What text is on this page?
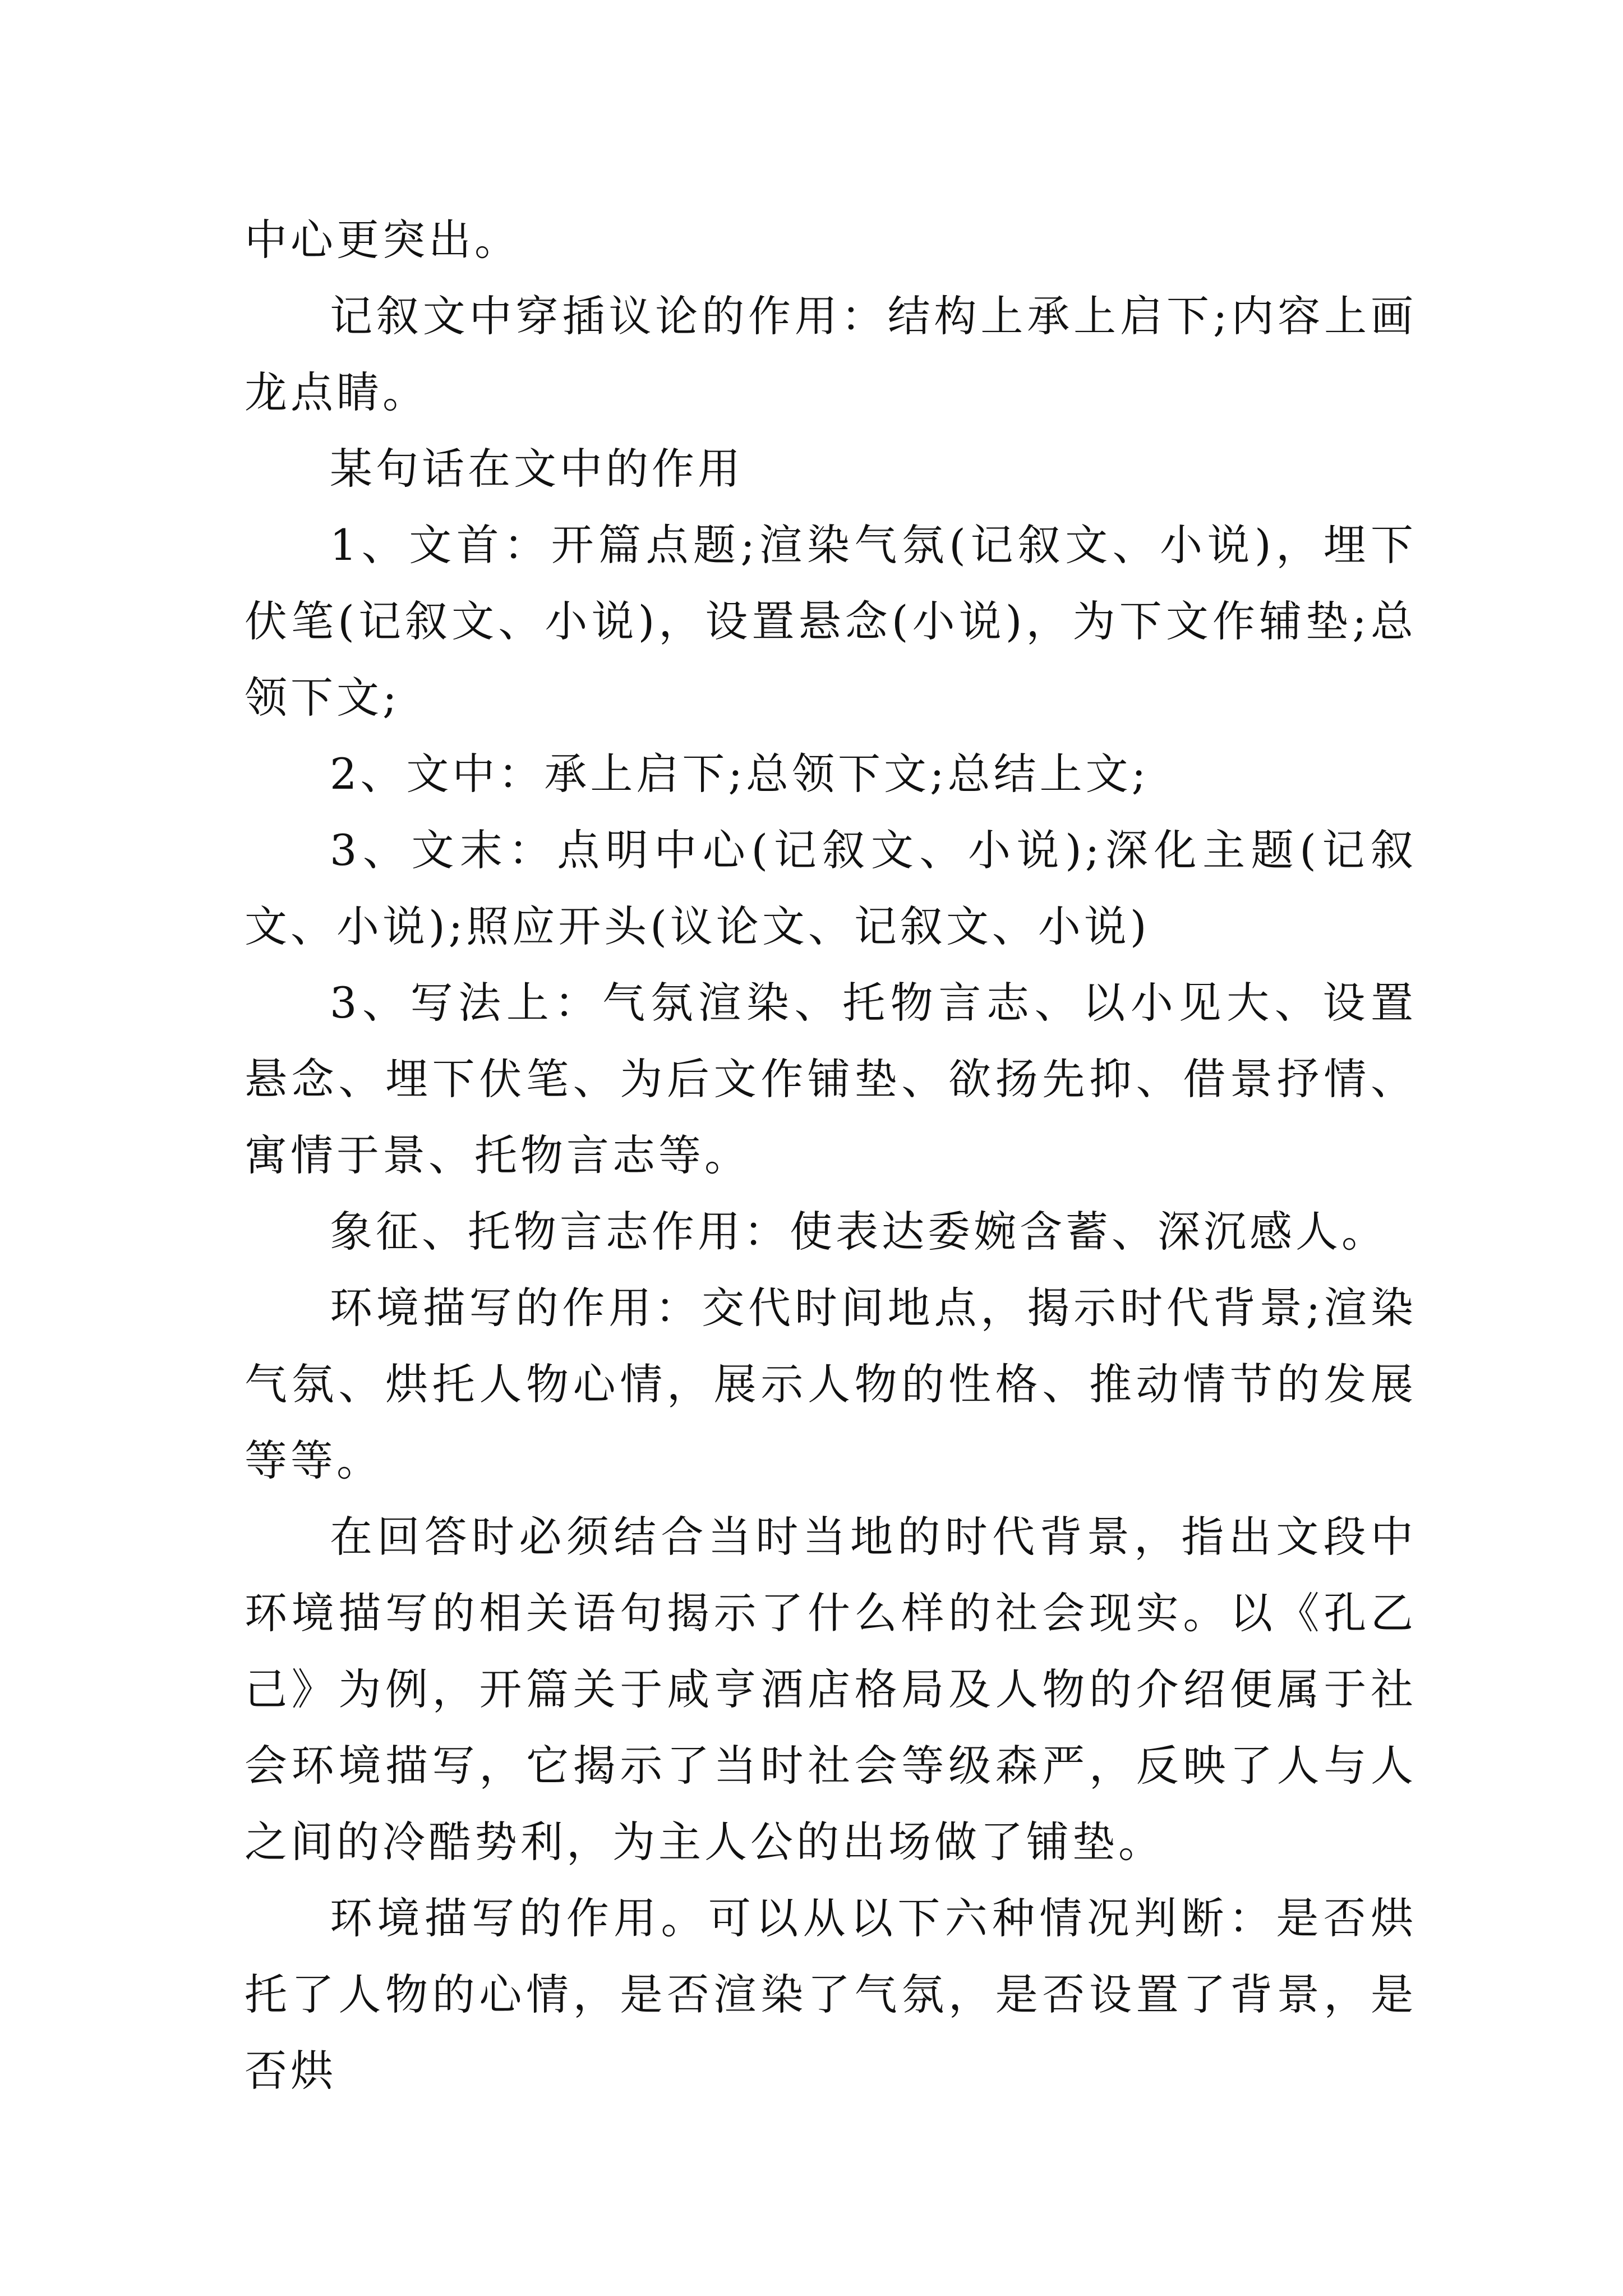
中心更突出。

记叙文中穿插议论的作用：结构上承上启下;内容上画龙点睛。

某句话在文中的作用

1、文首：开篇点题;渲染气氛(记叙文、小说)，埋下伏笔(记叙文、小说)，设置悬念(小说)，为下文作辅垫;总领下文;

2、文中：承上启下;总领下文;总结上文;

3、文末：点明中心(记叙文、小说);深化主题(记叙文、小说);照应开头(议论文、记叙文、小说)

3、写法上：气氛渲染、托物言志、以小见大、设置悬念、埋下伏笔、为后文作铺垫、欲扬先抑、借景抒情、寓情于景、托物言志等。

象征、托物言志作用：使表达委婉含蓄、深沉感人。

环境描写的作用：交代时间地点，揭示时代背景;渲染气氛、烘托人物心情，展示人物的性格、推动情节的发展等等。

在回答时必须结合当时当地的时代背景，指出文段中环境描写的相关语句揭示了什么样的社会现实。以《孔乙己》为例，开篇关于咸亨酒店格局及人物的介绍便属于社会环境描写，它揭示了当时社会等级森严，反映了人与人之间的冷酷势利，为主人公的出场做了铺垫。

环境描写的作用。可以从以下六种情况判断：是否烘托了人物的心情，是否渲染了气氛，是否设置了背景，是否烘
